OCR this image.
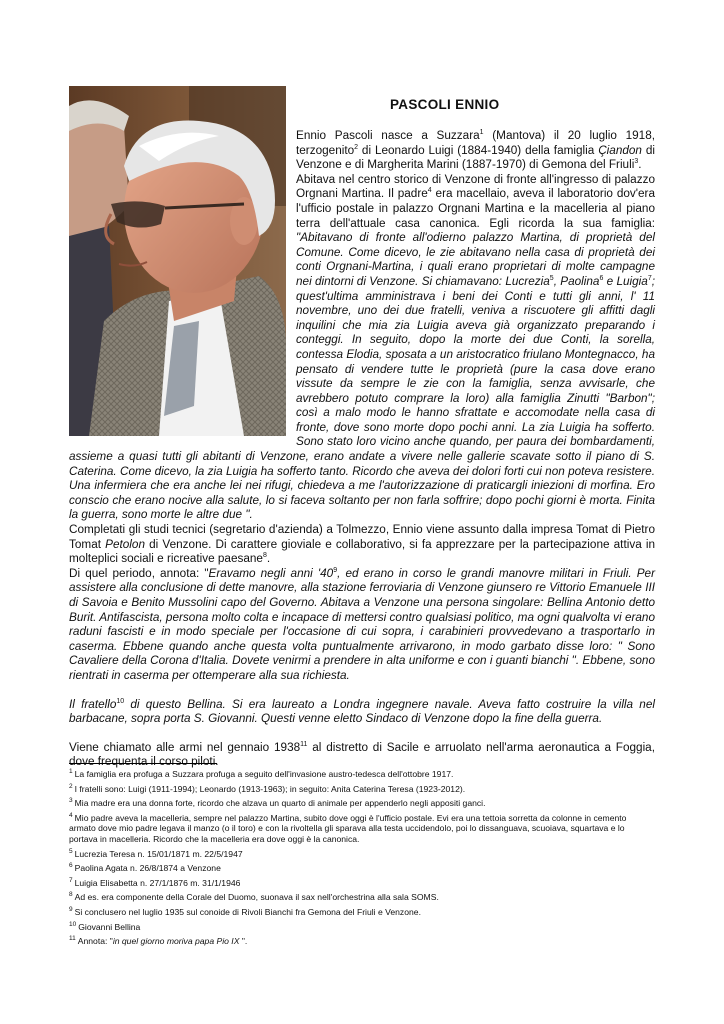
PASCOLI ENNIO

Ennio Pascoli nasce a Suzzara$^1$ (Mantova) il 20 luglio 1918, terzogenito$^2$ di Leonardo Luigi (1884-1940) della famiglia Çiandon di Venzone e di Margherita Marini (1887-1970) di Gemona del Friuli$^3$.

Abitava nel centro storico di Venzone di fronte all'ingresso di palazzo Orgnani Martina. Il padre$^4$ era macellaio, aveva il laboratorio dov'era l'ufficio postale in palazzo Orgnani Martina e la macelleria al piano terra dell'attuale casa canonica. Egli ricorda la sua famiglia: "Abitavano di fronte all'odierno palazzo Martina, di proprietà del Comune. Come dicevo, le zie abitavano nella casa di proprietà dei conti Orgnani-Martina, i quali erano proprietari di molte campagne nei dintorni di Venzone. Si chiamavano: Lucrezia$^5$, Paolina$^6$ e Luigia$^7$; quest'ultima amministrava i beni dei Conti e tutti gli anni, l' 11 novembre, uno dei due fratelli, veniva a riscuotere gli affitti dagli inquilini che mia zia Luigia aveva già organizzato preparando i conteggi. In seguito, dopo la morte dei due Conti, la sorella, contessa Elodia, sposata a un aristocratico friulano Montegnacco, ha pensato di vendere tutte le proprietà (pure la casa dove erano vissute da sempre le zie con la famiglia, senza avvisarle, che avrebbero potuto comprare la loro) alla famiglia Zinutti "Barbon"; così a malo modo le hanno sfrattate e accomodate nella casa di fronte, dove sono morte dopo pochi anni. La zia Luigia ha sofferto. Sono stato loro vicino anche quando, per paura dei bombardamenti, assieme a quasi tutti gli abitanti di Venzone, erano andate a vivere nelle gallerie scavate sotto il piano di S. Caterina. Come dicevo, la zia Luigia ha sofferto tanto. Ricordo che aveva dei dolori forti cui non poteva resistere. Una infermiera che era anche lei nei rifugi, chiedeva a me l'autorizzazione di praticargli iniezioni di morfina. Ero conscio che erano nocive alla salute, lo si faceva soltanto per non farla soffrire; dopo pochi giorni è morta. Finita la guerra, sono morte le altre due ".

Completati gli studi tecnici (segretario d'azienda) a Tolmezzo, Ennio viene assunto dalla impresa Tomat di Pietro Tomat Petolon di Venzone. Di carattere gioviale e collaborativo, si fa apprezzare per la partecipazione attiva in molteplici sociali e ricreative paesane$^8$.

Di quel periodo, annota: "Eravamo negli anni '$40^9$, ed erano in corso le grandi manovre militari in Friuli. Per assistere alla conclusione di dette manovre, alla stazione ferroviaria di Venzone giunsero re Vittorio Emanuele III di Savoia e Benito Mussolini capo del Governo. Abitava a Venzone una persona singolare: Bellina Antonio detto Burit. Antifascista, persona molto colta e incapace di mettersi contro qualsiasi politico, ma ogni qualvolta vi erano raduni fascisti e in modo speciale per l'occasione di cui sopra, i carabinieri provvedevano a trasportarlo in caserma. Ebbene quando anche questa volta puntualmente arrivarono, in modo garbato disse loro: " Sono Cavaliere della Corona d'Italia. Dovete venirmi a prendere in alta uniforme e con i guanti bianchi ". Ebbene, sono rientrati in caserma per ottemperare alla sua richiesta.

Il fratello$^{10}$ di questo Bellina. Si era laureato a Londra ingegnere navale. Aveva fatto costruire la villa nel barbacane, sopra porta S. Giovanni. Questi venne eletto Sindaco di Venzone dopo la fine della guerra.

Viene chiamato alle armi nel gennaio 1938$^{11}$ al distretto di Sacile e arruolato nell'arma aeronautica a Foggia, dove frequenta il corso piloti.

$^1$ La famiglia era profuga a Suzzara profuga a seguito dell'invasione austro-tedesca dell'ottobre 1917.

$^2$ I fratelli sono: Luigi (1911-1994); Leonardo (1913-1963); in seguito: Anita Caterina Teresa (1923-2012).

$^3$ Mia madre era una donna forte, ricordo che alzava un quarto di animale per appenderlo negli appositi ganci.

$^4$ Mio padre aveva la macelleria, sempre nel palazzo Martina, subito dove oggi è l'ufficio postale. Evi era una tettoia sorretta da colonne in cemento armato dove mio padre legava il manzo (o il toro) e con la rivoltella gli sparava alla testa uccidendolo, poi lo dissanguava, scuoiava, squartava e lo portava in macelleria. Ricordo che la macelleria era dove oggi è la canonica.

$^5$ Lucrezia Teresa n. 15/01/1871 m. 22/5/1947

$^6$ Paolina Agata n. 26/8/1874 a Venzone

$^7$ Luigia Elisabetta n. 27/1/1876 m. 31/1/1946

$^8$ Ad es. era componente della Corale del Duomo, suonava il sax nell'orchestrina alla sala SOMS.

$^9$ Si conclusero nel luglio 1935 sul conoide di Rivoli Bianchi fra Gemona del Friuli e Venzone.

$^{10}$ Giovanni Bellina

$^{11}$ Annota: "in quel giorno moriva papa Pio IX ".
